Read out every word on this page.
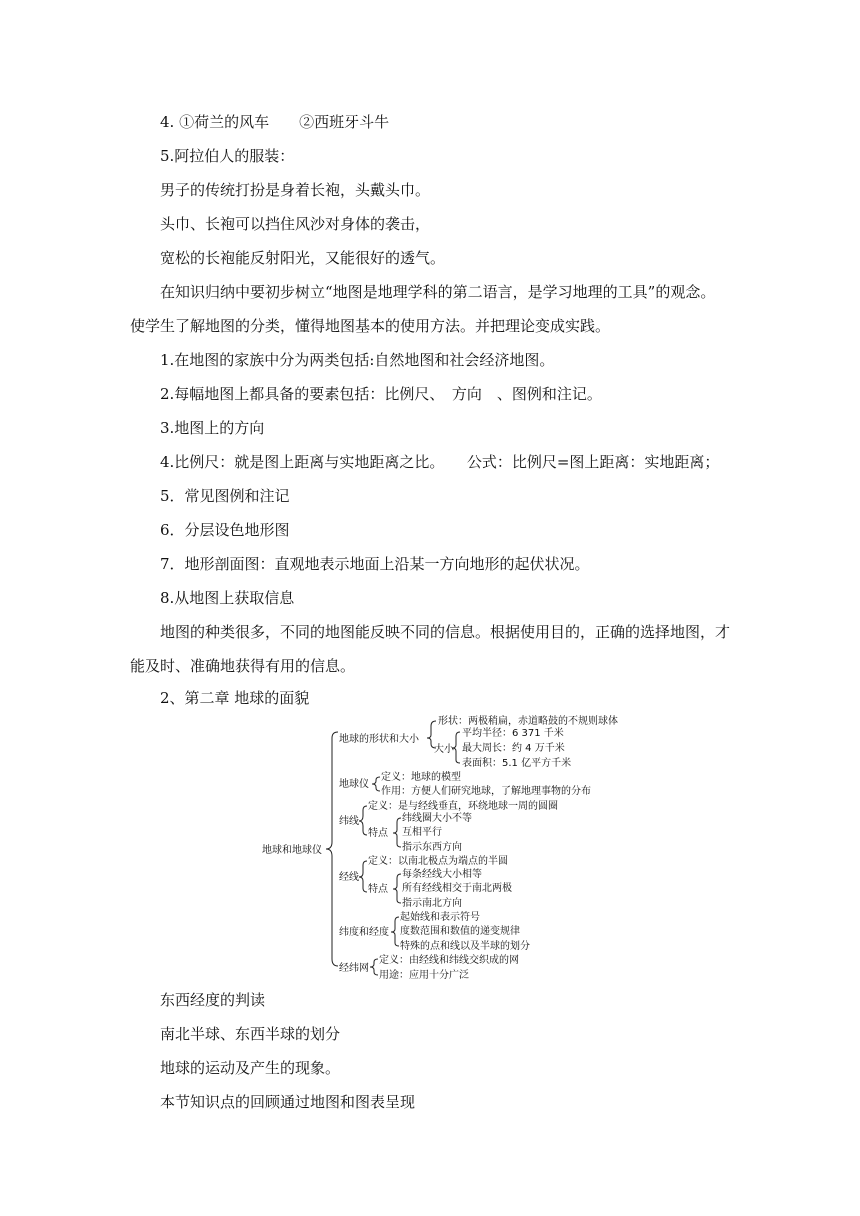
4. ①荷兰的风车　　②西班牙斗牛
5.阿拉伯人的服装：
男子的传统打扮是身着长袍，头戴头巾。
头巾、长袍可以挡住风沙对身体的袭击，
宽松的长袍能反射阳光，又能很好的透气。
在知识归纳中要初步树立“地图是地理学科的第二语言，是学习地理的工具”的观念。
使学生了解地图的分类，懂得地图基本的使用方法。并把理论变成实践。
1.在地图的家族中分为两类包括:自然地图和社会经济地图。
2.每幅地图上都具备的要素包括：比例尺、　方向　、图例和注记。
3.地图上的方向
4.比例尺：就是图上距离与实地距离之比。　　公式：比例尺=图上距离：实地距离；
5．常见图例和注记
6．分层设色地形图
7．地形剖面图：直观地表示地面上沿某一方向地形的起伏状况。
8.从地图上获取信息
地图的种类很多，不同的地图能反映不同的信息。根据使用目的，正确的选择地图，才
能及时、准确地获得有用的信息。
2、第二章 地球的面貌
地球和地球仪
地球的形状和大小
形状：两极稍扁，赤道略鼓的不规则球体
大小
平均半径：6 371 千米
最大周长：约 4 万千米
表面积：5.1 亿平方千米
地球仪
定义：地球的模型
作用：方便人们研究地球，了解地理事物的分布
纬线
定义：是与经线垂直，环绕地球一周的圆圈
特点
纬线圈大小不等
互相平行
指示东西方向
经线
定义：以南北极点为端点的半圆
特点
每条经线大小相等
所有经线相交于南北两极
指示南北方向
纬度和经度
起始线和表示符号
度数范围和数值的递变规律
特殊的点和线以及半球的划分
经纬网
定义：由经线和纬线交织成的网
用途：应用十分广泛
东西经度的判读
南北半球、东西半球的划分
地球的运动及产生的现象。
本节知识点的回顾通过地图和图表呈现
